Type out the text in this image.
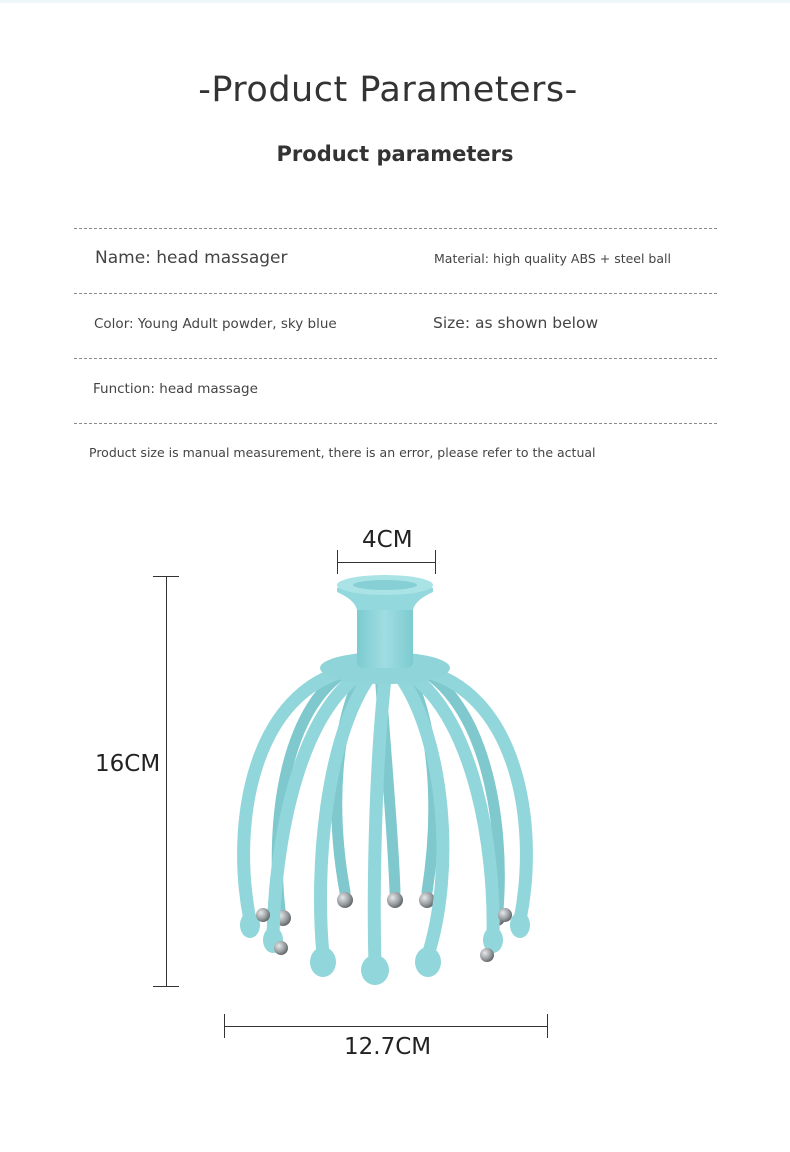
-Product Parameters-
Product parameters
Name: head massager	Material: high quality ABS + steel ball
Color: Young Adult powder, sky blue	Size: as shown below
Function: head massage
Product size is manual measurement, there is an error, please refer to the actual
4CM
16CM
12.7CM
